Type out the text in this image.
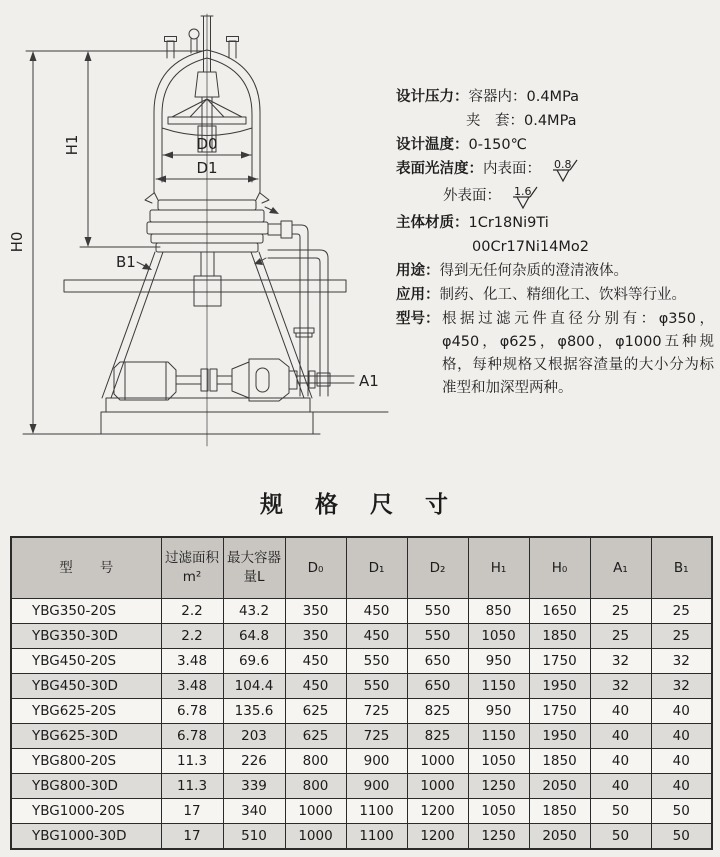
H0
H1	D0
D1
A1
B1
设计压力： 容器内：0.4MPa
夹　套：0.4MPa
设计温度： 0-150℃
表面光洁度： 内表面： 0.8
外表面： 1.6
主体材质： 1Cr18Ni9Ti
00Cr17Ni14Mo2
用途： 得到无任何杂质的澄清液体。
应用： 制药、化工、精细化工、饮料等行业。
型号： 根据过滤元件直径分别有：φ350，φ450，φ625，φ800，φ1000五种规格，每种规格又根据容渣量的大小分为标准型和加深型两种。
规 格 尺 寸
型　　号	过滤面积m²	最大容器量L	D₀	D₁	D₂	H₁	H₀	A₁	B₁
YBG350-20S	2.2	43.2	350	450	550	850	1650	25	25
YBG350-30D	2.2	64.8	350	450	550	1050	1850	25	25
YBG450-20S	3.48	69.6	450	550	650	950	1750	32	32
YBG450-30D	3.48	104.4	450	550	650	1150	1950	32	32
YBG625-20S	6.78	135.6	625	725	825	950	1750	40	40
YBG625-30D	6.78	203	625	725	825	1150	1950	40	40
YBG800-20S	11.3	226	800	900	1000	1050	1850	40	40
YBG800-30D	11.3	339	800	900	1000	1250	2050	40	40
YBG1000-20S	17	340	1000	1100	1200	1050	1850	50	50
YBG1000-30D	17	510	1000	1100	1200	1250	2050	50	50
